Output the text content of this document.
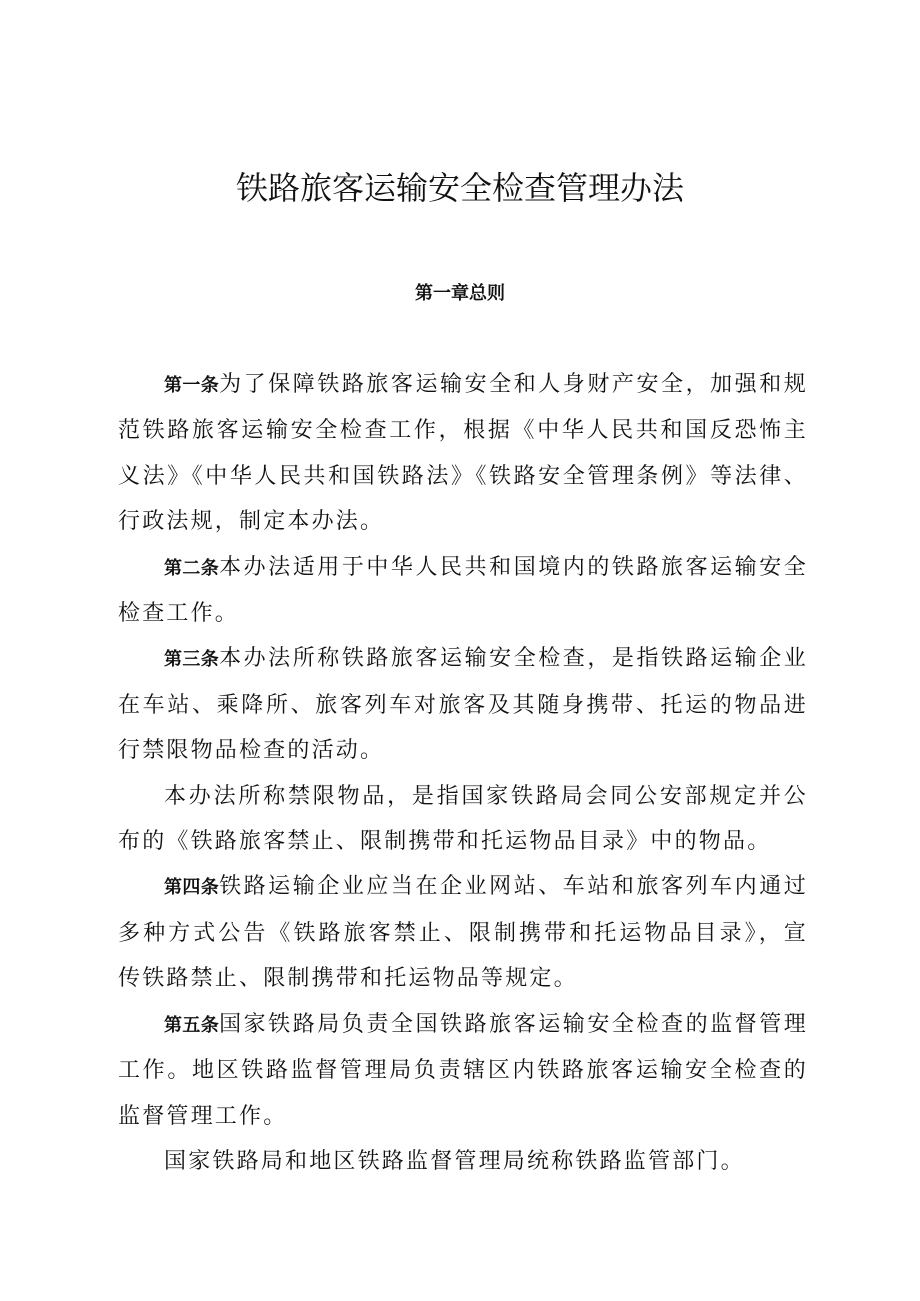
铁路旅客运输安全检查管理办法
第一章总则

第一条为了保障铁路旅客运输安全和人身财产安全，加强和规范铁路旅客运输安全检查工作，根据《中华人民共和国反恐怖主义法》《中华人民共和国铁路法》《铁路安全管理条例》等法律、行政法规，制定本办法。

第二条本办法适用于中华人民共和国境内的铁路旅客运输安全检查工作。

第三条本办法所称铁路旅客运输安全检查，是指铁路运输企业在车站、乘降所、旅客列车对旅客及其随身携带、托运的物品进行禁限物品检查的活动。

本办法所称禁限物品，是指国家铁路局会同公安部规定并公布的《铁路旅客禁止、限制携带和托运物品目录》中的物品。

第四条铁路运输企业应当在企业网站、车站和旅客列车内通过多种方式公告《铁路旅客禁止、限制携带和托运物品目录》，宣传铁路禁止、限制携带和托运物品等规定。

第五条国家铁路局负责全国铁路旅客运输安全检查的监督管理工作。地区铁路监督管理局负责辖区内铁路旅客运输安全检查的监督管理工作。

国家铁路局和地区铁路监督管理局统称铁路监管部门。
